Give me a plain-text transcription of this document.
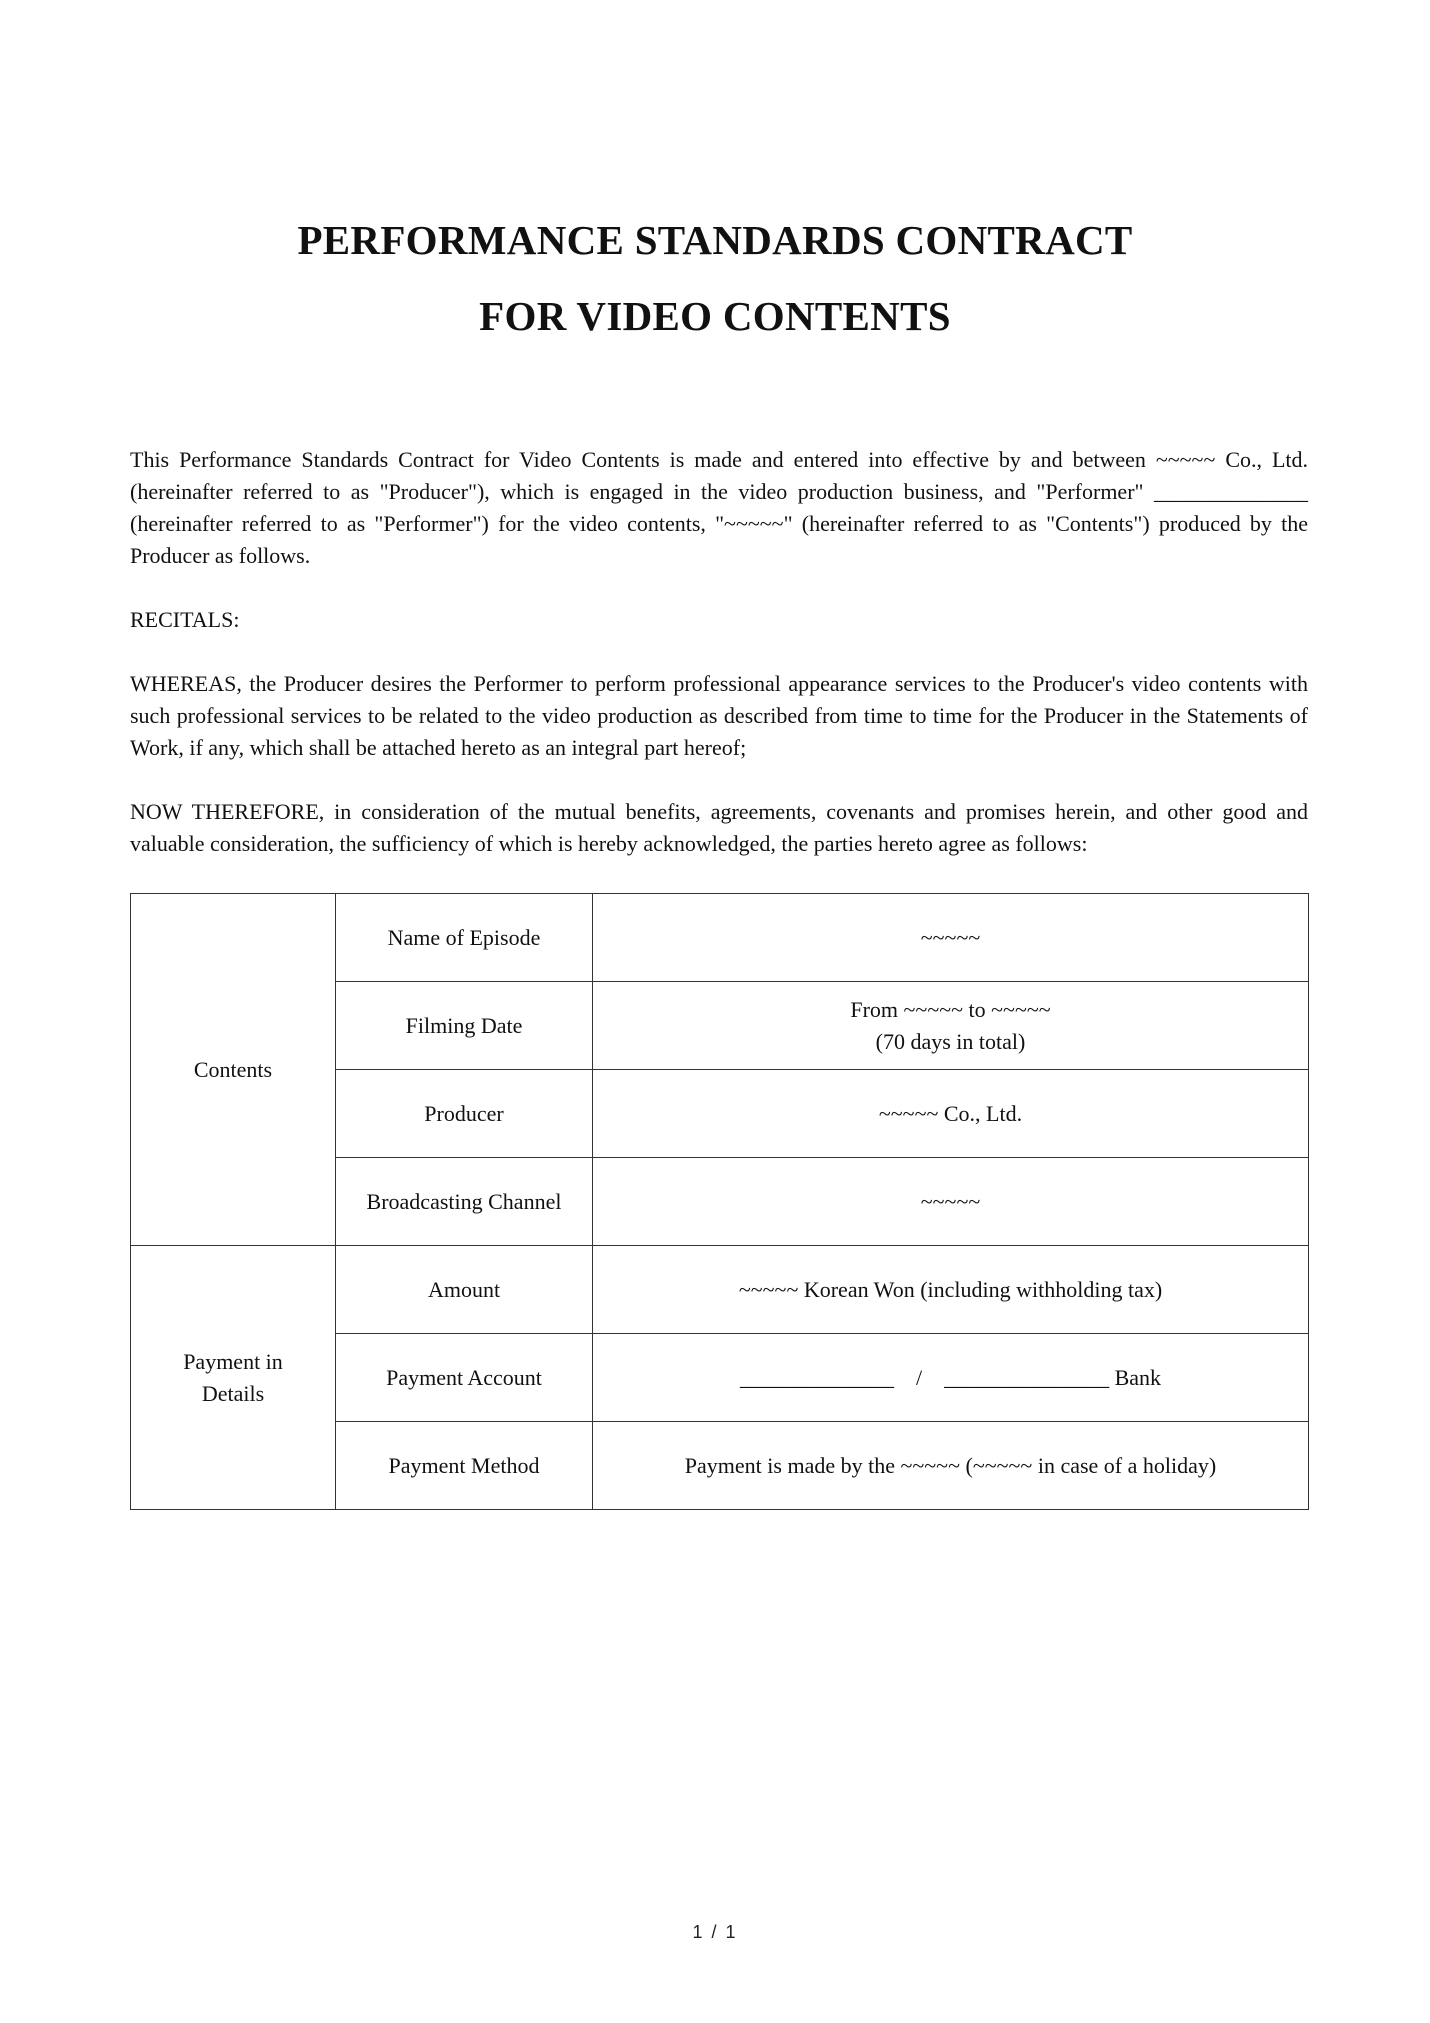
PERFORMANCE STANDARDS CONTRACT
FOR VIDEO CONTENTS

This Performance Standards Contract for Video Contents is made and entered into effective by and between ~~~~~ Co., Ltd. (hereinafter referred to as "Producer"), which is engaged in the video production business, and "Performer" ______________ (hereinafter referred to as "Performer") for the video contents, "~~~~~" (hereinafter referred to as "Contents") produced by the Producer as follows.

RECITALS:

WHEREAS, the Producer desires the Performer to perform professional appearance services to the Producer's video contents with such professional services to be related to the video production as described from time to time for the Producer in the Statements of Work, if any, which shall be attached hereto as an integral part hereof;

NOW THEREFORE, in consideration of the mutual benefits, agreements, covenants and promises herein, and other good and valuable consideration, the sufficiency of which is hereby acknowledged, the parties hereto agree as follows:

Contents	Name of Episode	~~~~~
	Filming Date	From ~~~~~ to ~~~~~
(70 days in total)

	Producer	~~~~~ Co., Ltd.
	Broadcasting Channel	~~~~~

Payment in
Details	Amount	~~~~~ Korean Won (including withholding tax)
	Payment Account	______________    /    _______________ Bank
	Payment Method	Payment is made by the ~~~~~ (~~~~~ in case of a holiday)
1 / 1
